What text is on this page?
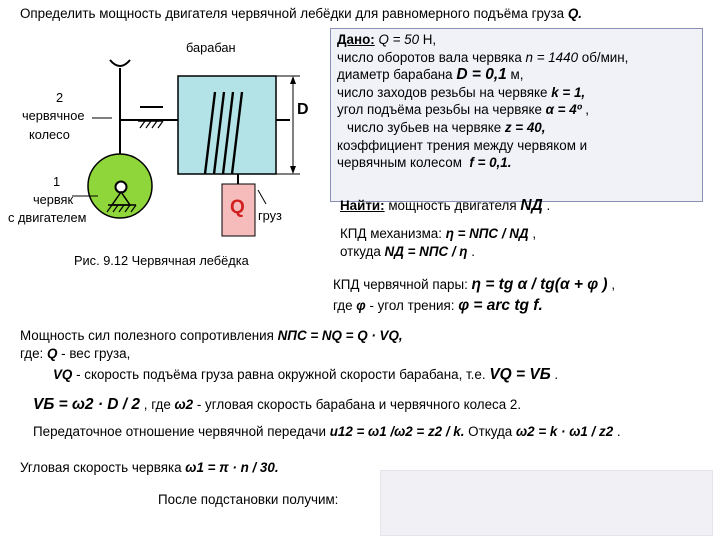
Определить мощность двигателя червячной лебёдки для равномерного подъёма груза Q.
барабан
2
червячное
колесо
1
червяк
с двигателем
D
Q груз
Рис. 9.12 Червячная лебёдка
Дано: Q = 50 Н,
число оборотов вала червяка n = 1440 об/мин,
диаметр барабана D = 0,1 м,
число заходов резьбы на червяке k = 1,
угол подъёма резьбы на червяке α = 4º ,
число зубьев на червяке z = 40,
коэффициент трения между червяком и
червячным колесом f = 0,1.
Найти: мощность двигателя NД .
КПД механизма: η = NПС / NД ,
откуда NД = NПС / η .
КПД червячной пары: η = tg α / tg(α + φ ) ,
где φ - угол трения: φ = arc tg f.
Мощность сил полезного сопротивления NПС = NQ = Q · VQ,
где: Q - вес груза,
VQ - скорость подъёма груза равна окружной скорости барабана, т.е. VQ = VБ .
VБ = ω2 · D / 2 , где ω2 - угловая скорость барабана и червячного колеса 2.
Передаточное отношение червячной передачи u12 = ω1 /ω2 = z2 / k. Откуда ω2 = k · ω1 / z2 .
Угловая скорость червяка ω1 = π · n / 30.
После подстановки получим:
